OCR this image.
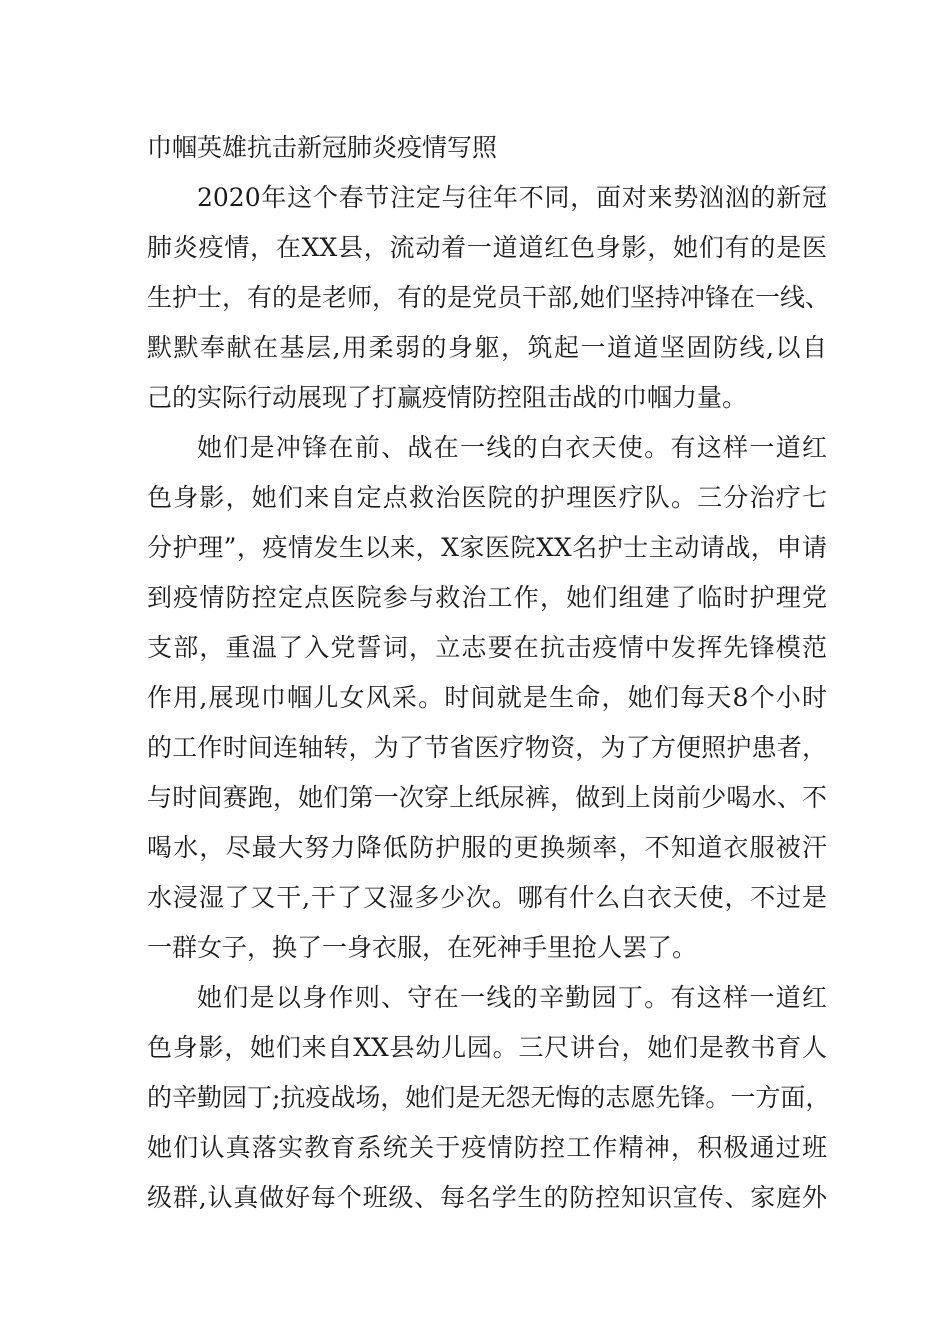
巾帼英雄抗击新冠肺炎疫情写照
2020年这个春节注定与往年不同，面对来势汹汹的新冠
肺炎疫情，在XX县，流动着一道道红色身影，她们有的是医
生护士，有的是老师，有的是党员干部,她们坚持冲锋在一线、
默默奉献在基层,用柔弱的身躯，筑起一道道坚固防线,以自
己的实际行动展现了打赢疫情防控阻击战的巾帼力量。
她们是冲锋在前、战在一线的白衣天使。有这样一道红
色身影，她们来自定点救治医院的护理医疗队。三分治疗七
分护理”，疫情发生以来，X家医院XX名护士主动请战，申请
到疫情防控定点医院参与救治工作，她们组建了临时护理党
支部，重温了入党誓词，立志要在抗击疫情中发挥先锋模范
作用,展现巾帼儿女风采。时间就是生命，她们每天8个小时
的工作时间连轴转，为了节省医疗物资，为了方便照护患者，
与时间赛跑，她们第一次穿上纸尿裤，做到上岗前少喝水、不
喝水，尽最大努力降低防护服的更换频率，不知道衣服被汗
水浸湿了又干,干了又湿多少次。哪有什么白衣天使，不过是
一群女子，换了一身衣服，在死神手里抢人罢了。
她们是以身作则、守在一线的辛勤园丁。有这样一道红
色身影，她们来自XX县幼儿园。三尺讲台，她们是教书育人
的辛勤园丁;抗疫战场，她们是无怨无悔的志愿先锋。一方面，
她们认真落实教育系统关于疫情防控工作精神，积极通过班
级群,认真做好每个班级、每名学生的防控知识宣传、家庭外
